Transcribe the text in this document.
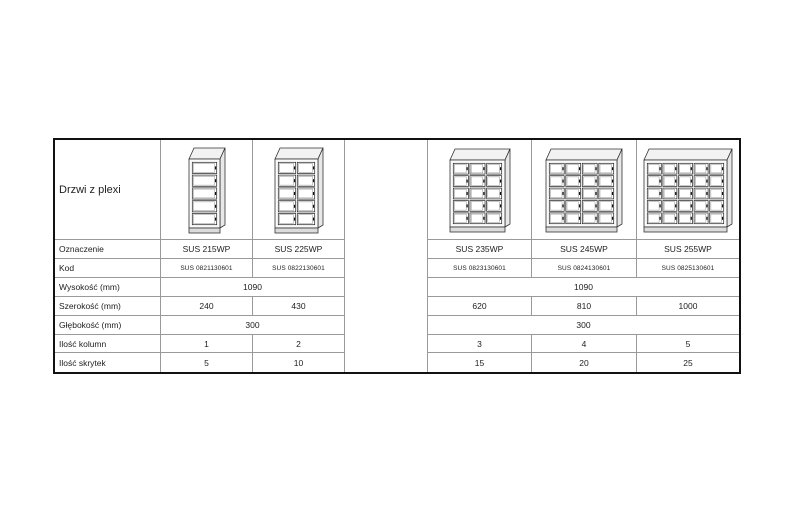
Drzwi z plexi
Oznaczenie	SUS 215WP	SUS 225WP	SUS 235WP	SUS 245WP	SUS 255WP
Kod	SUS 0821130601	SUS 0822130601	SUS 0823130601	SUS 0824130601	SUS 0825130601
Wysokość (mm)	1090	1090
Szerokość (mm)	240	430	620	810	1000
Głębokość (mm)	300	300
Ilość kolumn	1	2	3	4	5
Ilość skrytek	5	10	15	20	25
